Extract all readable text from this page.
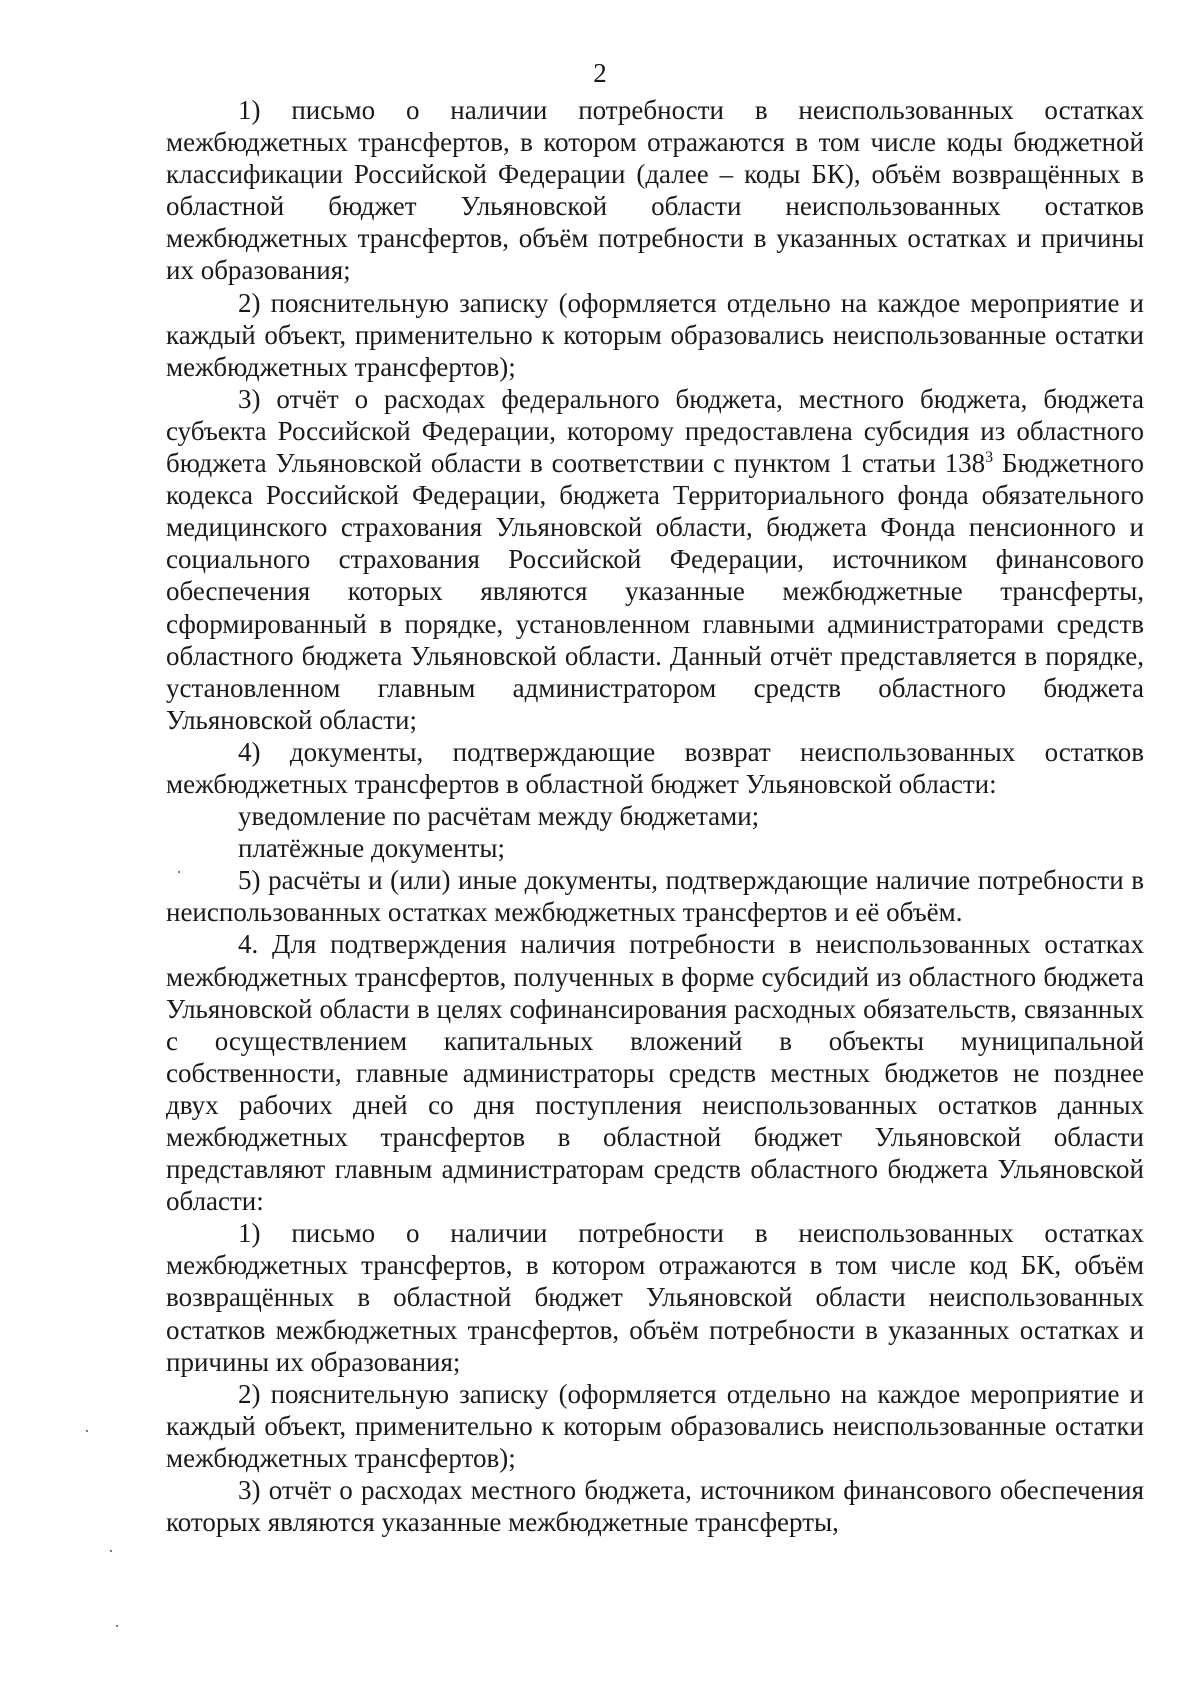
2

1) письмо о наличии потребности в неиспользованных остатках межбюджетных трансфертов, в котором отражаются в том числе коды бюджетной классификации Российской Федерации (далее – коды БК), объём возвращённых в областной бюджет Ульяновской области неиспользованных остатков межбюджетных трансфертов, объём потребности в указанных остатках и причины их образования;

2) пояснительную записку (оформляется отдельно на каждое мероприятие и каждый объект, применительно к которым образовались неиспользованные остатки межбюджетных трансфертов);

3) отчёт о расходах федерального бюджета, местного бюджета, бюджета субъекта Российской Федерации, которому предоставлена субсидия из областного бюджета Ульяновской области в соответствии с пунктом 1 статьи $138^3$ Бюджетного кодекса Российской Федерации, бюджета Территориального фонда обязательного медицинского страхования Ульяновской области, бюджета Фонда пенсионного и социального страхования Российской Федерации, источником финансового обеспечения которых являются указанные межбюджетные трансферты, сформированный в порядке, установленном главными администраторами средств областного бюджета Ульяновской области. Данный отчёт представляется в порядке, установленном главным администратором средств областного бюджета Ульяновской области;

4) документы, подтверждающие возврат неиспользованных остатков межбюджетных трансфертов в областной бюджет Ульяновской области:

уведомление по расчётам между бюджетами;

платёжные документы;

5) расчёты и (или) иные документы, подтверждающие наличие потребности в неиспользованных остатках межбюджетных трансфертов и её объём.

4. Для подтверждения наличия потребности в неиспользованных остатках межбюджетных трансфертов, полученных в форме субсидий из областного бюджета Ульяновской области в целях софинансирования расходных обязательств, связанных с осуществлением капитальных вложений в объекты муниципальной собственности, главные администраторы средств местных бюджетов не позднее двух рабочих дней со дня поступления неиспользованных остатков данных межбюджетных трансфертов в областной бюджет Ульяновской области представляют главным администраторам средств областного бюджета Ульяновской области:

1) письмо о наличии потребности в неиспользованных остатках межбюджетных трансфертов, в котором отражаются в том числе код БК, объём возвращённых в областной бюджет Ульяновской области неиспользованных остатков межбюджетных трансфертов, объём потребности в указанных остатках и причины их образования;

2) пояснительную записку (оформляется отдельно на каждое мероприятие и каждый объект, применительно к которым образовались неиспользованные остатки межбюджетных трансфертов);

3) отчёт о расходах местного бюджета, источником финансового обеспечения которых являются указанные межбюджетные трансферты,
